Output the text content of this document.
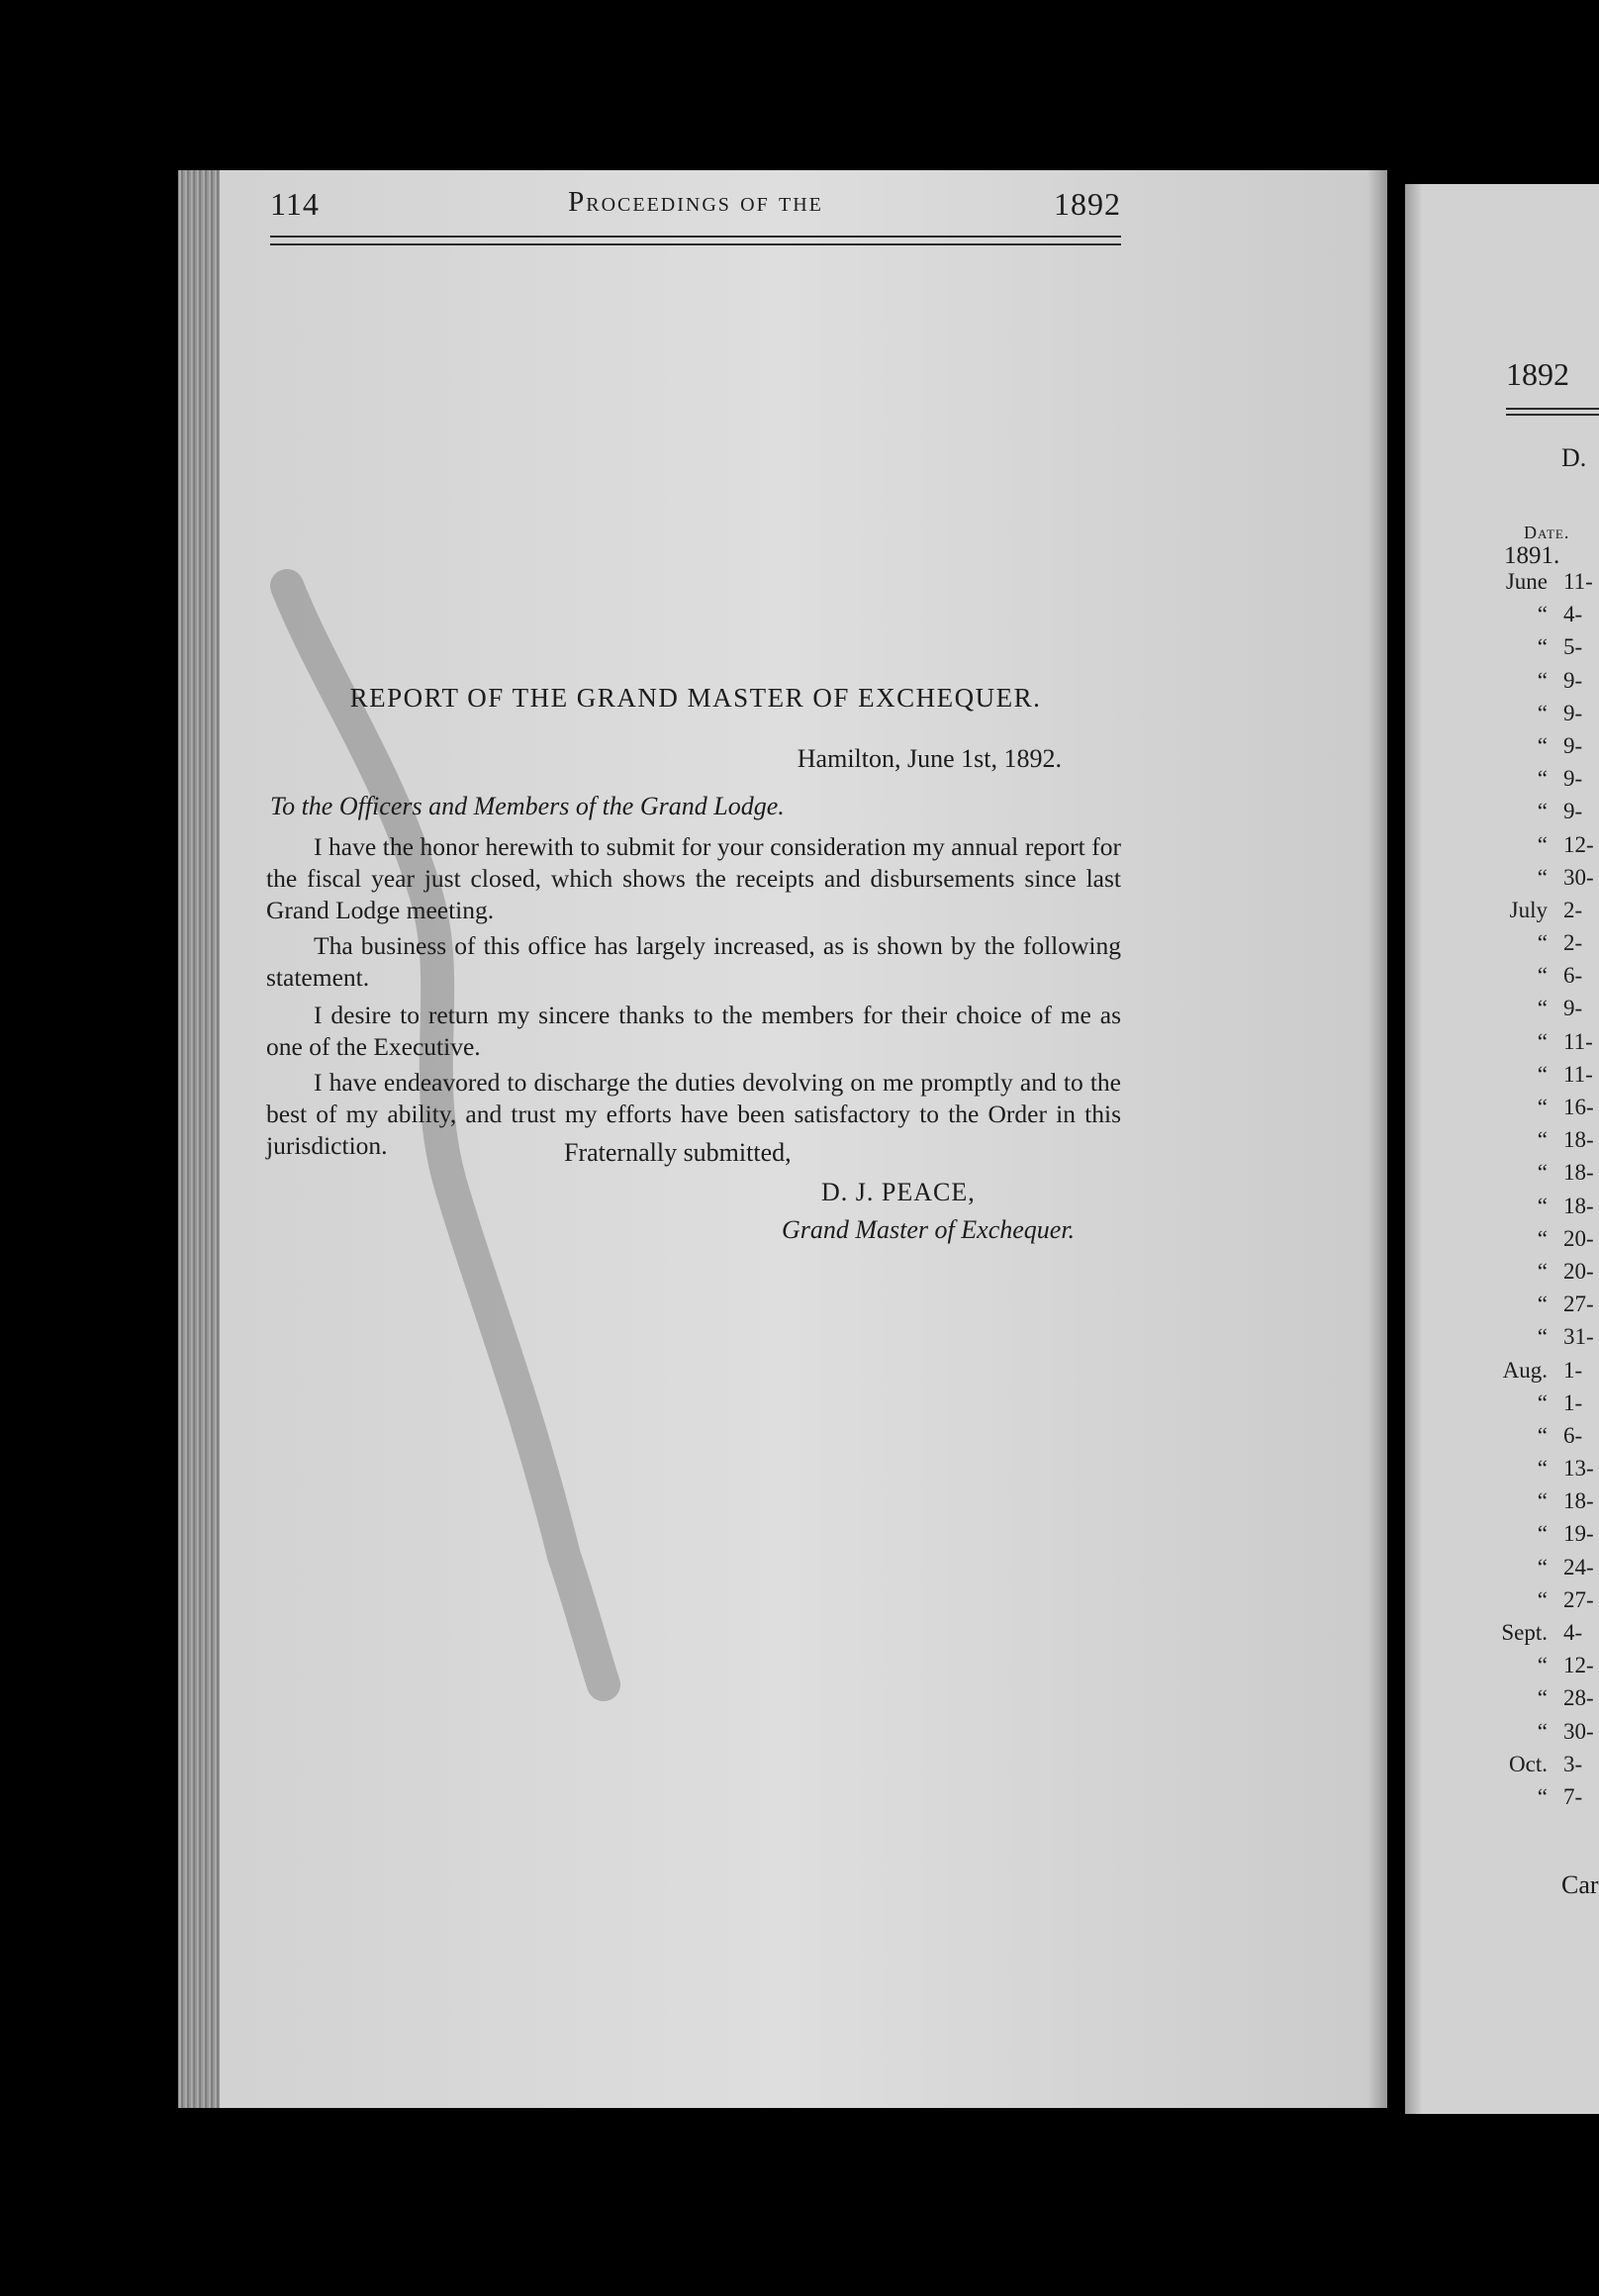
114	Proceedings of the	1892
REPORT OF THE GRAND MASTER OF EXCHEQUER.
Hamilton, June 1st, 1892.
To the Officers and Members of the Grand Lodge.

I have the honor herewith to submit for your consideration my annual report for the fiscal year just closed, which shows the receipts and disbursements since last Grand Lodge meeting.

Tha business of this office has largely increased, as is shown by the following statement.

I desire to return my sincere thanks to the members for their choice of me as one of the Executive.

I have endeavored to discharge the duties devolving on me promptly and to the best of my ability, and trust my efforts have been satisfactory to the Order in this jurisdiction.	Fraternally submitted,
D. J. PEACE,
Grand Master of Exchequer.
1892
D.
Date.
1891.
June 11-
“ 4-
“ 5-
“ 9-
“ 9-
“ 9-
“ 9-
“ 9-
“ 12-
“ 30-
July 2-
“ 2-
“ 6-
“ 9-
“ 11-
“ 11-
“ 16-
“ 18-
“ 18-
“ 18-
“ 20-
“ 20-
“ 27-
“ 31-
Aug. 1-
“ 1-
“ 6-
“ 13-
“ 18-
“ 19-
“ 24-
“ 27-
Sept. 4-
“ 12-
“ 28-
“ 30-
Oct. 3-
“ 7-
Car
